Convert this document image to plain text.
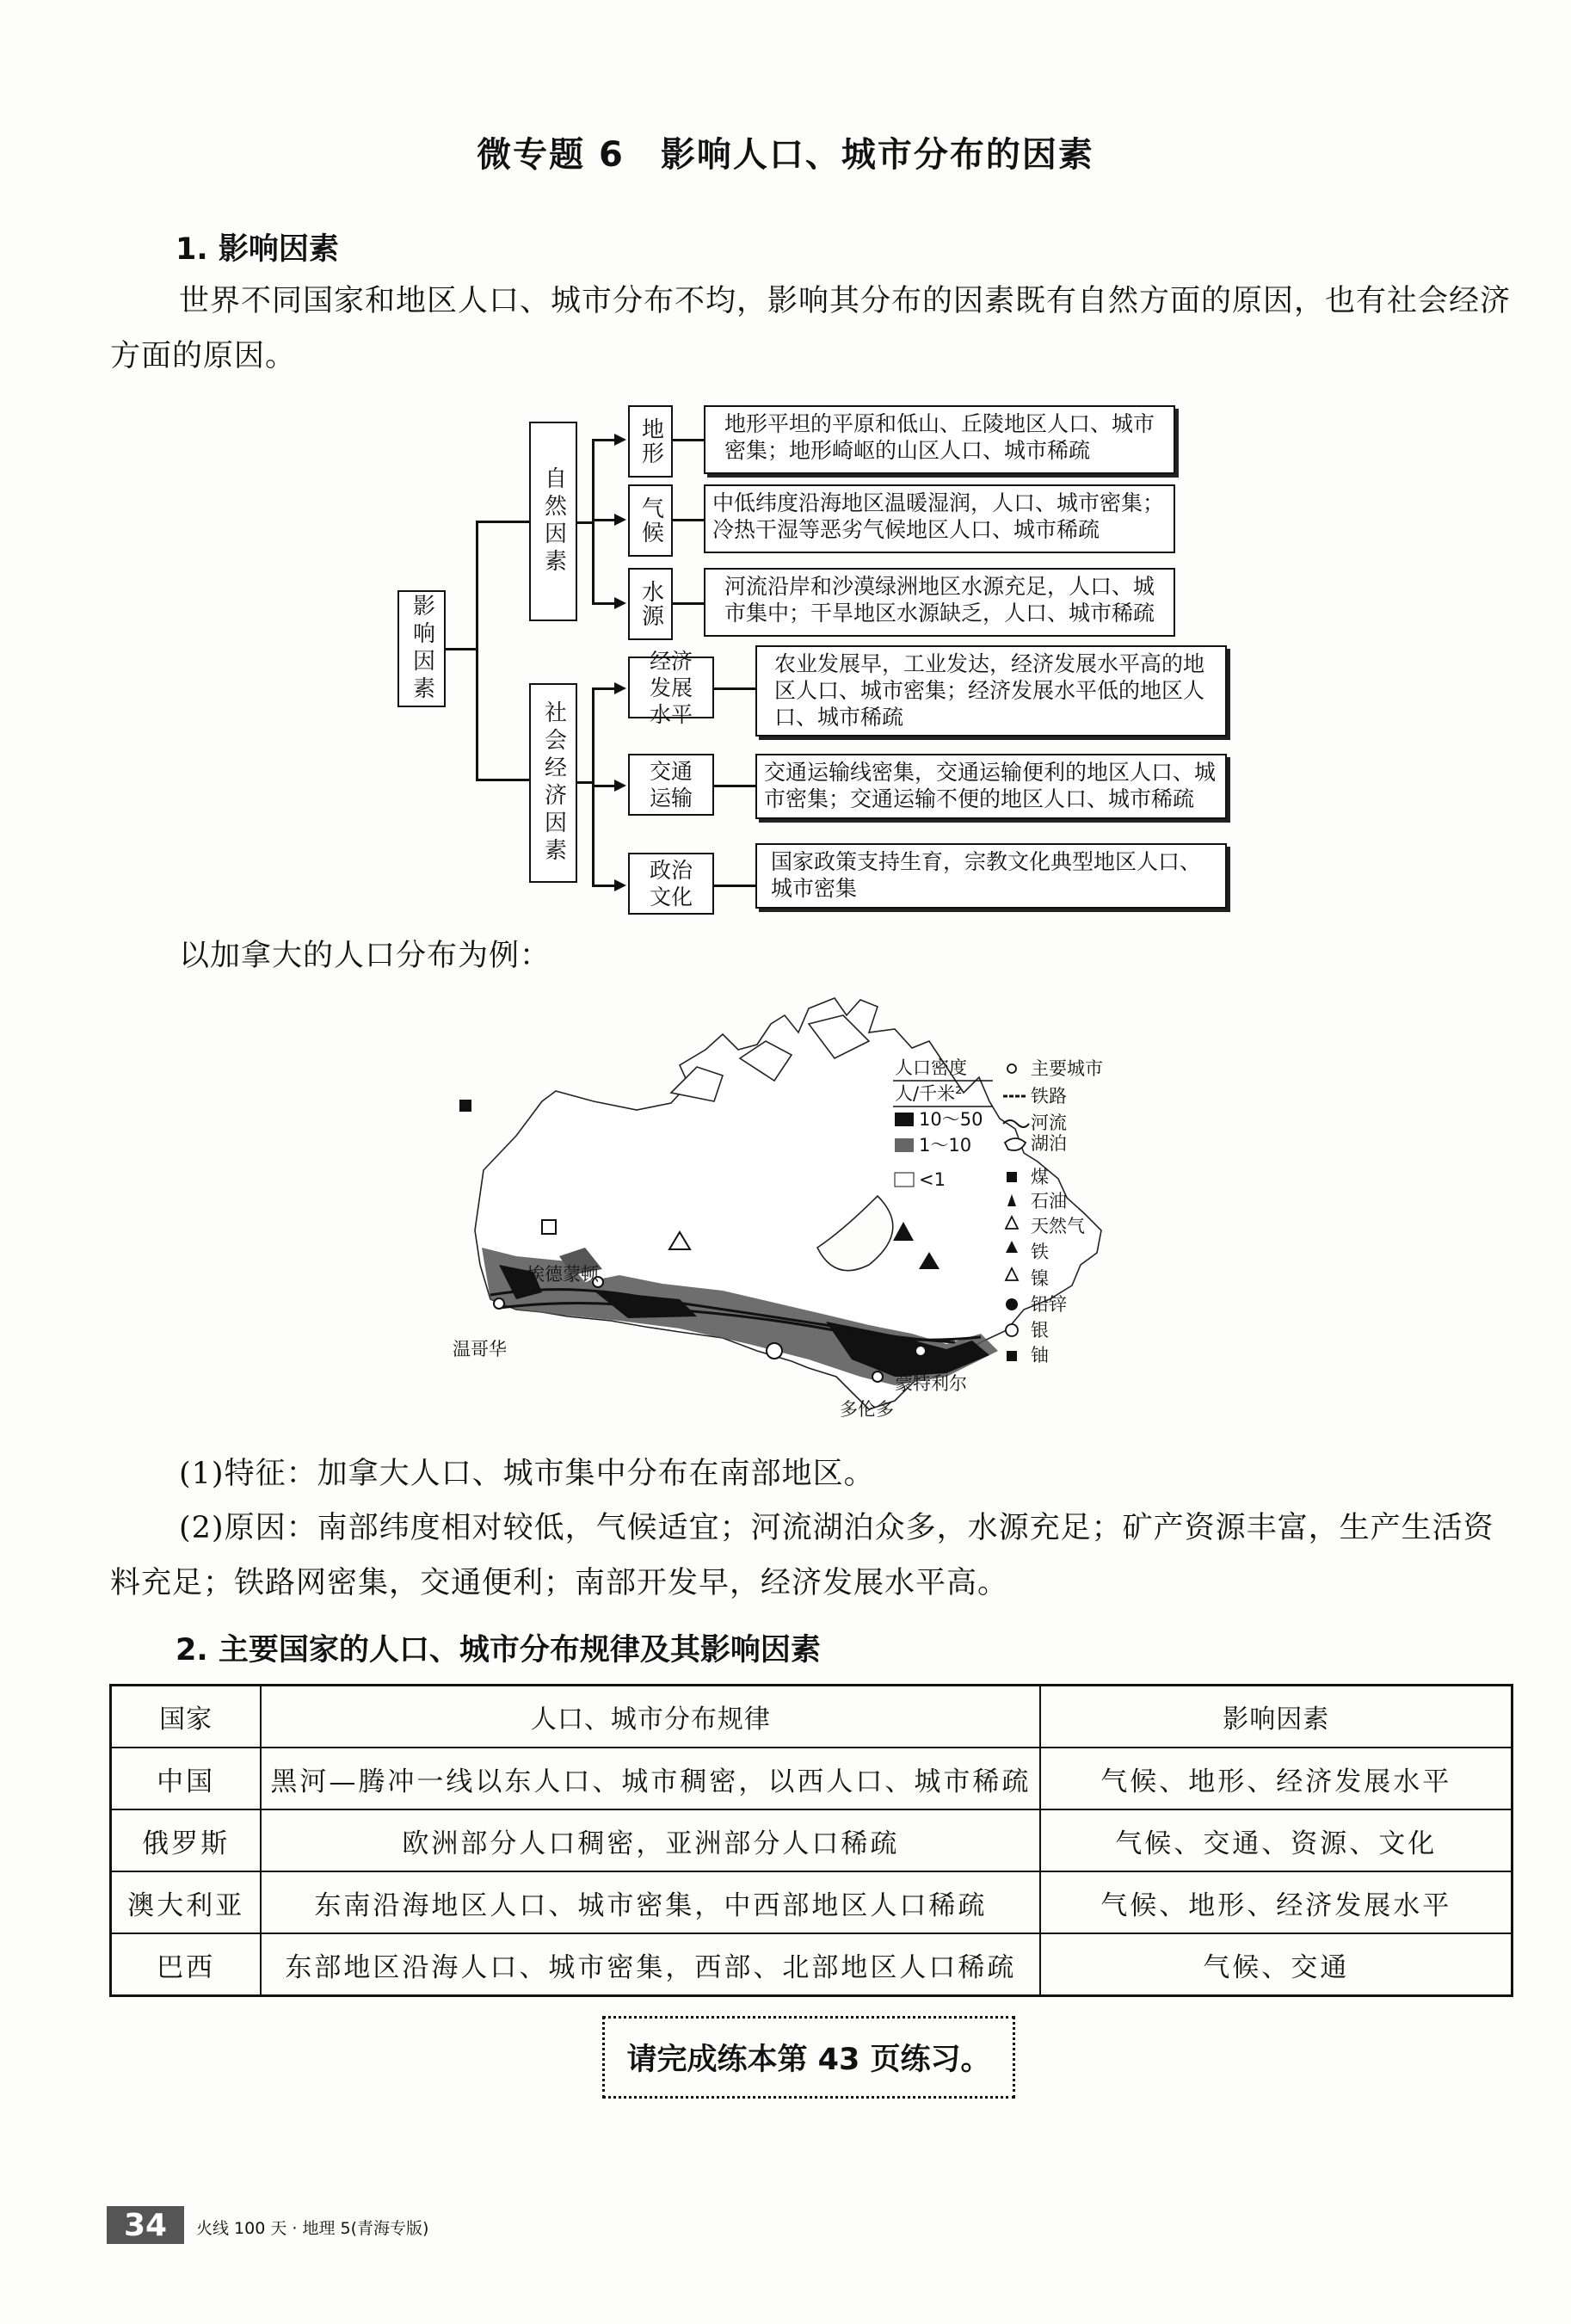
微专题 6　影响人口、城市分布的因素
1. 影响因素

世界不同国家和地区人口、城市分布不均，影响其分布的因素既有自然方面的原因，也有社会经济方面的原因。

影响因素
自然因素
社会经济因素
地形
气候
水源
经济发展水平
交通运输
政治文化
地形平坦的平原和低山、丘陵地区人口、城市密集；地形崎岖的山区人口、城市稀疏
中低纬度沿海地区温暖湿润，人口、城市密集；冷热干湿等恶劣气候地区人口、城市稀疏
河流沿岸和沙漠绿洲地区水源充足，人口、城市集中；干旱地区水源缺乏，人口、城市稀疏
农业发展早，工业发达，经济发展水平高的地区人口、城市密集；经济发展水平低的地区人口、城市稀疏
交通运输线密集，交通运输便利的地区人口、城市密集；交通运输不便的地区人口、城市稀疏
国家政策支持生育，宗教文化典型地区人口、城市密集
以加拿大的人口分布为例：
温哥华
埃德蒙顿
蒙特利尔
多伦多
人口密度
人/千米²
10～50
1～10
<1
主要城市
铁路
河流
湖泊
煤
石油
天然气
铁
镍
铅锌
银
铀
(1)特征：加拿大人口、城市集中分布在南部地区。

(2)原因：南部纬度相对较低，气候适宜；河流湖泊众多，水源充足；矿产资源丰富，生产生活资料充足；铁路网密集，交通便利；南部开发早，经济发展水平高。

2. 主要国家的人口、城市分布规律及其影响因素
国家	人口、城市分布规律	影响因素
中国	黑河—腾冲一线以东人口、城市稠密，以西人口、城市稀疏	气候、地形、经济发展水平
俄罗斯	欧洲部分人口稠密，亚洲部分人口稀疏	气候、交通、资源、文化
澳大利亚	东南沿海地区人口、城市密集，中西部地区人口稀疏	气候、地形、经济发展水平
巴西	东部地区沿海人口、城市密集，西部、北部地区人口稀疏	气候、交通
请完成练本第 43 页练习。
34	火线 100 天 · 地理 5(青海专版)
